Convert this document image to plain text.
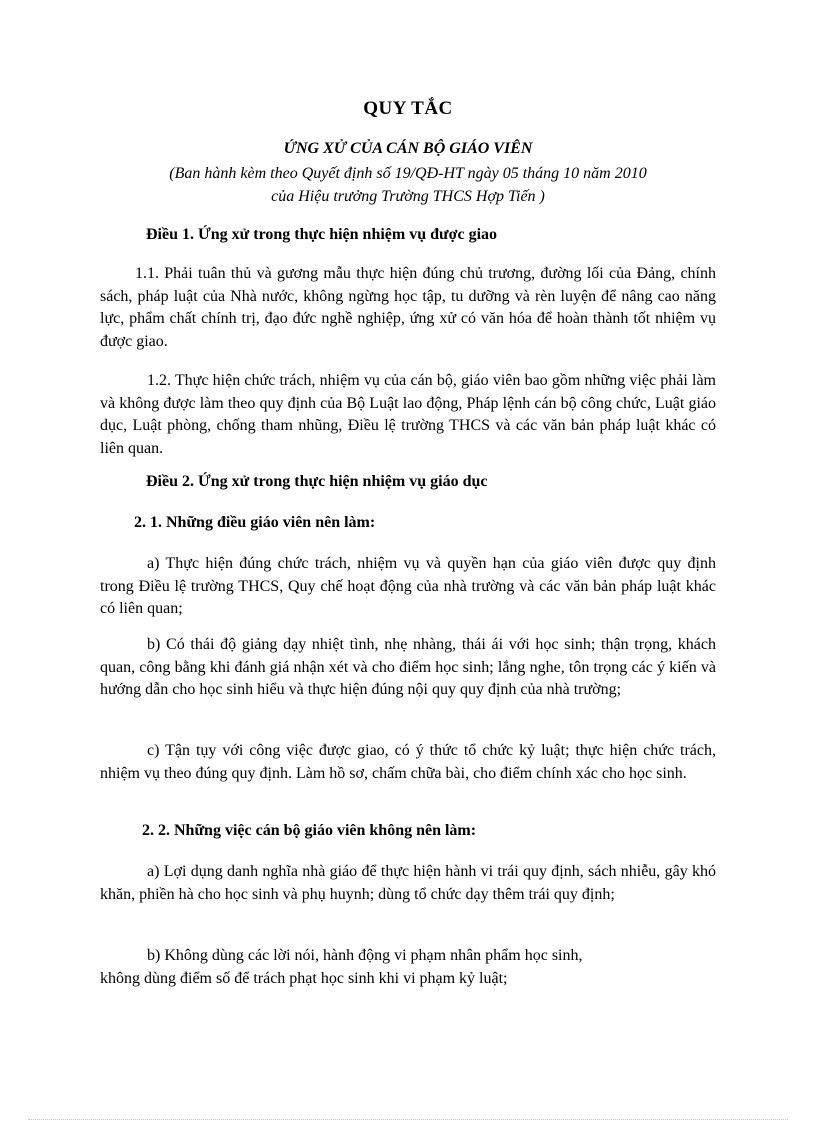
QUY TẮC
ỨNG XỬ CỦA CÁN BỘ GIÁO VIÊN
(Ban hành kèm theo Quyết định số 19/QĐ-HT ngày 05 tháng 10 năm 2010
của Hiệu trưởng Trường THCS Hợp Tiến )
Điều 1. Ứng xử trong thực hiện nhiệm vụ được giao
1.1. Phải tuân thủ và gương mẫu thực hiện đúng chủ trương, đường lối của Đảng, chính sách, pháp luật của Nhà nước, không ngừng học tập, tu dưỡng và rèn luyện để nâng cao năng lực, phẩm chất chính trị, đạo đức nghề nghiệp, ứng xử có văn hóa để hoàn thành tốt nhiệm vụ được giao.
1.2. Thực hiện chức trách, nhiệm vụ của cán bộ, giáo viên bao gồm những việc phải làm và không được làm theo quy định của Bộ Luật lao động, Pháp lệnh cán bộ công chức, Luật giáo dục, Luật phòng, chống tham nhũng, Điều lệ trường THCS và các văn bản pháp luật khác có liên quan.
Điều 2. Ứng xử trong thực hiện nhiệm vụ giáo dục
2. 1. Những điều giáo viên nên làm:
a) Thực hiện đúng chức trách, nhiệm vụ và quyền hạn của giáo viên được quy định trong Điều lệ trường THCS, Quy chế hoạt động của nhà trường và các văn bản pháp luật khác có liên quan;
b) Có thái độ giảng dạy nhiệt tình, nhẹ nhàng, thái ái với học sinh; thận trọng, khách quan, công bằng khi đánh giá nhận xét và cho điểm học sinh; lắng nghe, tôn trọng các ý kiến và hướng dẫn cho học sinh hiểu và thực hiện đúng nội quy quy định của nhà trường;
c) Tận tụy với công việc được giao, có ý thức tổ chức kỷ luật; thực hiện chức trách, nhiệm vụ theo đúng quy định. Làm hồ sơ, chấm chữa bài, cho điểm chính xác cho học sinh.
2. 2. Những việc cán bộ giáo viên không nên làm:
a) Lợi dụng danh nghĩa nhà giáo để thực hiện hành vi trái quy định, sách nhiễu, gây khó khăn, phiền hà cho học sinh và phụ huynh; dùng tổ chức dạy thêm trái quy định;
b) Không dùng các lời nói, hành động vi phạm nhân phẩm học sinh,
không dùng điểm số để trách phạt học sinh khi vi phạm kỷ luật;
